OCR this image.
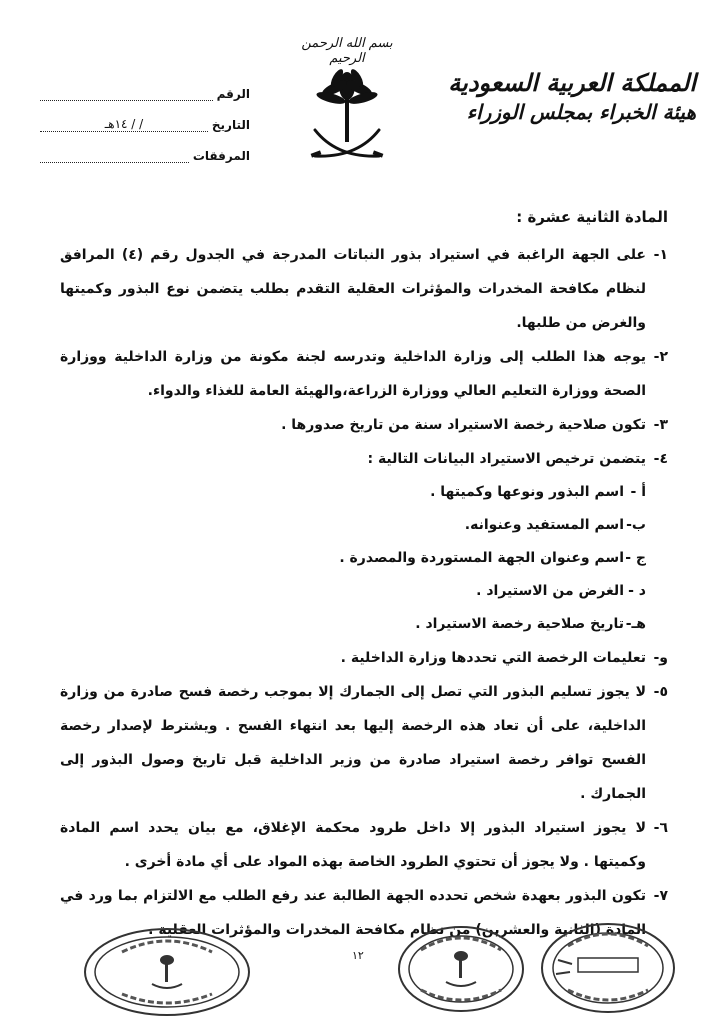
المملكة العربية السعودية
هيئة الخبراء بمجلس الوزراء
بسم الله الرحمن الرحيم
الرقم
التاريخ
/ / ١٤هـ
المرفقات
المادة الثانية عشرة :
١-
على الجهة الراغبة في استيراد بذور النباتات المدرجة في الجدول رقم (٤) المرافق لنظام مكافحة المخدرات والمؤثرات العقلية التقدم بطلب يتضمن نوع البذور وكميتها والغرض من طلبها.
٢-
يوجه هذا الطلب إلى وزارة الداخلية وتدرسه لجنة مكونة من وزارة الداخلية ووزارة الصحة ووزارة التعليم العالي ووزارة الزراعة،والهيئة العامة للغذاء والدواء.
٣-
تكون صلاحية رخصة الاستيراد سنة من تاريخ صدورها .
٤-
يتضمن ترخيص الاستيراد البيانات التالية :
أ -
اسم البذور ونوعها وكميتها .
ب-
اسم المستفيد وعنوانه.
ج -
اسم وعنوان الجهة المستوردة والمصدرة .
د -
الغرض من الاستيراد .
هـ-
تاريخ صلاحية رخصة الاستيراد .
و-
تعليمات الرخصة التي تحددها وزارة الداخلية .
٥-
لا يجوز تسليم البذور التي تصل إلى الجمارك إلا بموجب رخصة فسح صادرة من وزارة الداخلية، على أن تعاد هذه الرخصة إليها بعد انتهاء الفسح . ويشترط لإصدار رخصة الفسح توافر رخصة استيراد صادرة من وزير الداخلية قبل تاريخ وصول البذور إلى الجمارك .
٦-
لا يجوز استيراد البذور إلا داخل طرود محكمة الإغلاق، مع بيان يحدد اسم المادة وكميتها . ولا يجوز أن تحتوي الطرود الخاصة بهذه المواد على أي مادة أخرى .
٧-
تكون البذور بعهدة شخص تحدده الجهة الطالبة عند رفع الطلب مع الالتزام بما ورد في المادة (الثانية والعشرين) من نظام مكافحة المخدرات والمؤثرات العقلية .
١٢
